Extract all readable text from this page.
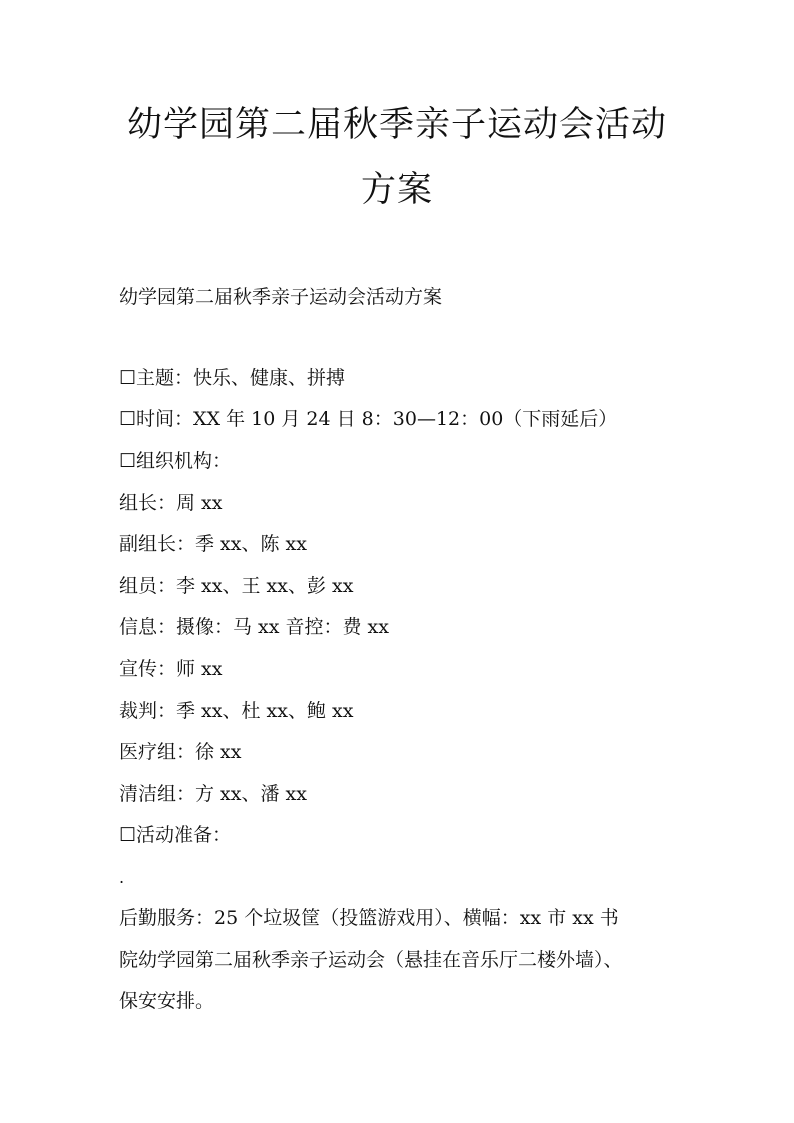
幼学园第二届秋季亲子运动会活动
方案

幼学园第二届秋季亲子运动会活动方案

☐主题：快乐、健康、拼搏

☐时间：XX 年 10 月 24 日 8：30—12：00（下雨延后）

☐组织机构：

组长：周 xx

副组长：季 xx、陈 xx

组员：李 xx、王 xx、彭 xx

信息：摄像：马 xx 音控：费 xx

宣传：师 xx

裁判：季 xx、杜 xx、鲍 xx

医疗组：徐 xx

清洁组：方 xx、潘 xx

☐活动准备：

.

后勤服务：25 个垃圾筐（投篮游戏用）、横幅：xx 市 xx 书

院幼学园第二届秋季亲子运动会（悬挂在音乐厅二楼外墙）、

保安安排。
